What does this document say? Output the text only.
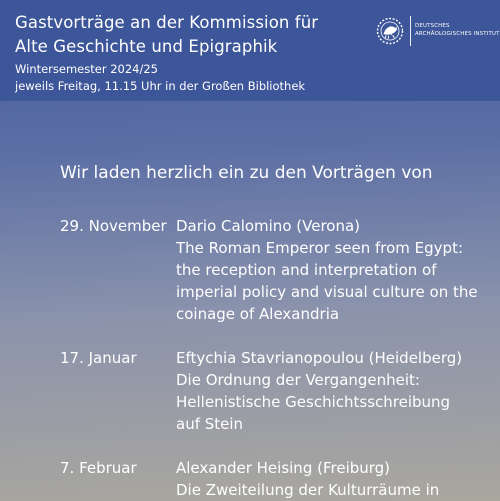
Gastvorträge an der Kommission für
Alte Geschichte und Epigraphik
Wintersemester 2024/25
jeweils Freitag, 11.15 Uhr in der Großen Bibliothek
DEUTSCHES
ARCHÄOLOGISCHES INSTITUT
Wir laden herzlich ein zu den Vorträgen von
29. November Dario Calomino (Verona)
The Roman Emperor seen from Egypt:
the reception and interpretation of
imperial policy and visual culture on the
coinage of Alexandria
17. Januar	Eftychia Stavrianopoulou (Heidelberg)
Die Ordnung der Vergangenheit:
Hellenistische Geschichtsschreibung
auf Stein
7. Februar	Alexander Heising (Freiburg)
Die Zweiteilung der Kulturräume in
